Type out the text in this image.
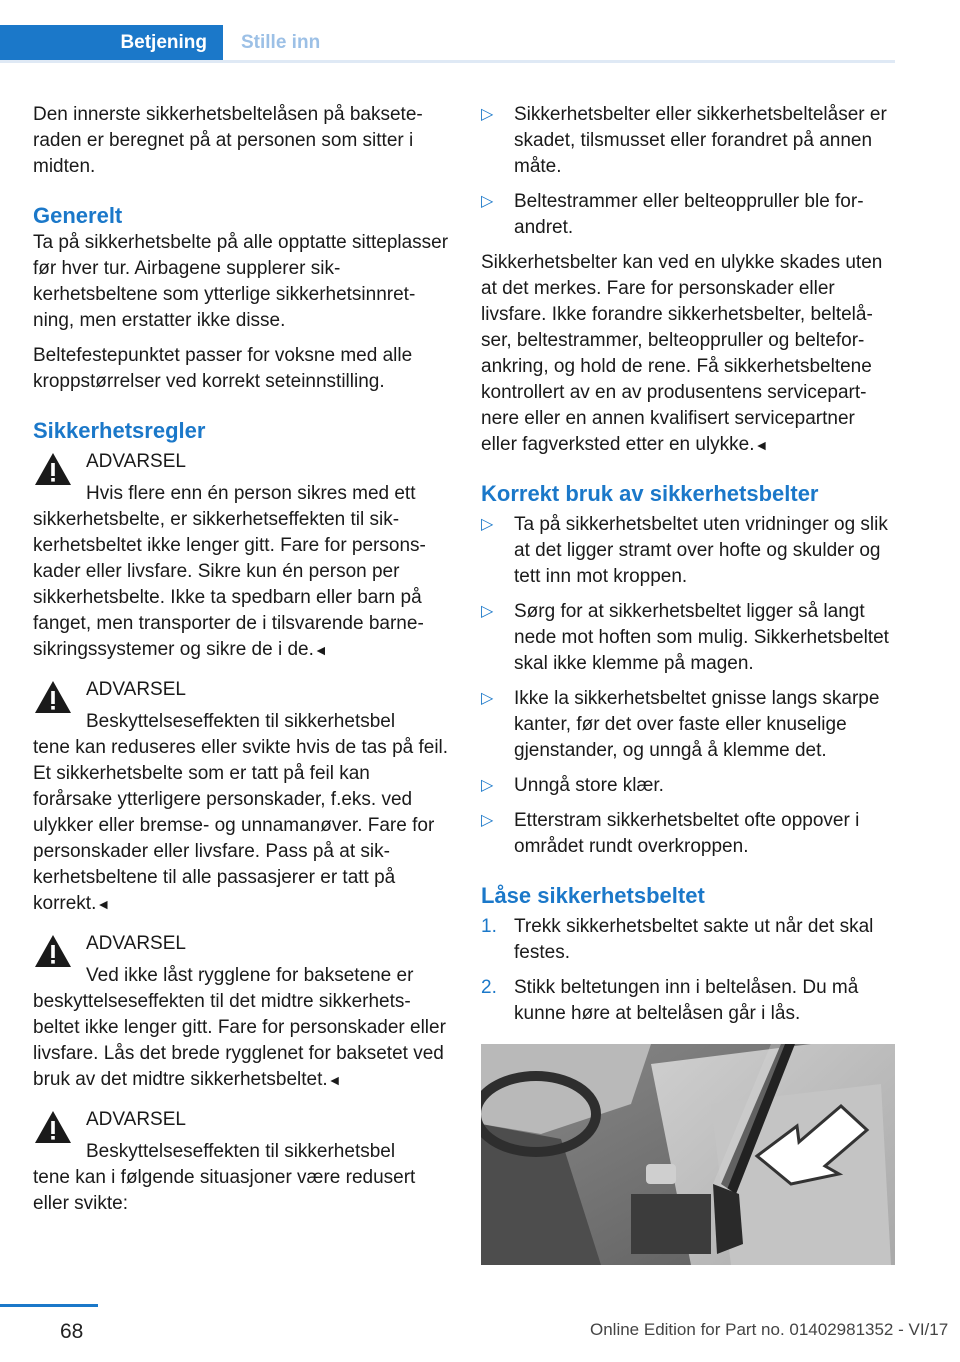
Betjening	Stille inn

Den innerste sikkerhetsbeltelåsen på bakseteraden er beregnet på at personen som sitter i midten.

Generelt

Ta på sikkerhetsbelte på alle opptatte sitteplasser før hver tur. Airbagene supplerer sikkerhetsbeltene som ytterlige sikkerhetsinnretning, men erstatter ikke disse.

Beltefestepunktet passer for voksne med alle kroppstørrelser ved korrekt seteinnstilling.

Sikkerhetsregler
ADVARSEL
Hvis flere enn én person sikres med ett
sikkerhetsbelte, er sikkerhetseffekten til sikkerhetsbeltet ikke lenger gitt. Fare for personskader eller livsfare. Sikre kun én person per sikkerhetsbelte. Ikke ta spedbarn eller barn på fanget, men transporter de i tilsvarende barnesikringssystemer og sikre de i de.◄
ADVARSEL
Beskyttelseseffekten til sikkerhetsbel
tene kan reduseres eller svikte hvis de tas på feil. Et sikkerhetsbelte som er tatt på feil kan forårsake ytterligere personskader, f.eks. ved ulykker eller bremse- og unnamanøver. Fare for personskader eller livsfare. Pass på at sikkerhetsbeltene til alle passasjerer er tatt på korrekt.◄
ADVARSEL
Ved ikke låst rygglene for baksetene er
beskyttelseseffekten til det midtre sikkerhetsbeltet ikke lenger gitt. Fare for personskader eller livsfare. Lås det brede rygglenet for baksetet ved bruk av det midtre sikkerhetsbeltet.◄
ADVARSEL
Beskyttelseseffekten til sikkerhetsbel
tene kan i følgende situasjoner være redusert eller svikte:
▷ Sikkerhetsbelter eller sikkerhetsbeltelåser er skadet, tilsmusset eller forandret på annen måte.
▷ Beltestrammer eller belteoppruller ble forandret.

Sikkerhetsbelter kan ved en ulykke skades uten at det merkes. Fare for personskader eller livsfare. Ikke forandre sikkerhetsbelter, beltelåser, beltestrammer, belteoppruller og belteforankring, og hold de rene. Få sikkerhetsbeltene kontrollert av en av produsentens servicepartnere eller en annen kvalifisert servicepartner eller fagverksted etter en ulykke.◄

Korrekt bruk av sikkerhetsbelter
▷ Ta på sikkerhetsbeltet uten vridninger og slik at det ligger stramt over hofte og skulder og tett inn mot kroppen.
▷ Sørg for at sikkerhetsbeltet ligger så langt nede mot hoften som mulig. Sikkerhetsbeltet skal ikke klemme på magen.
▷ Ikke la sikkerhetsbeltet gnisse langs skarpe kanter, før det over faste eller knuselige gjenstander, og unngå å klemme det.
▷ Unngå store klær.
▷ Etterstram sikkerhetsbeltet ofte oppover i området rundt overkroppen.
Låse sikkerhetsbeltet
1. Trekk sikkerhetsbeltet sakte ut når det skal festes.
2. Stikk beltetungen inn i beltelåsen. Du må kunne høre at beltelåsen går i lås.
68	Online Edition for Part no. 01402981352 - VI/17
